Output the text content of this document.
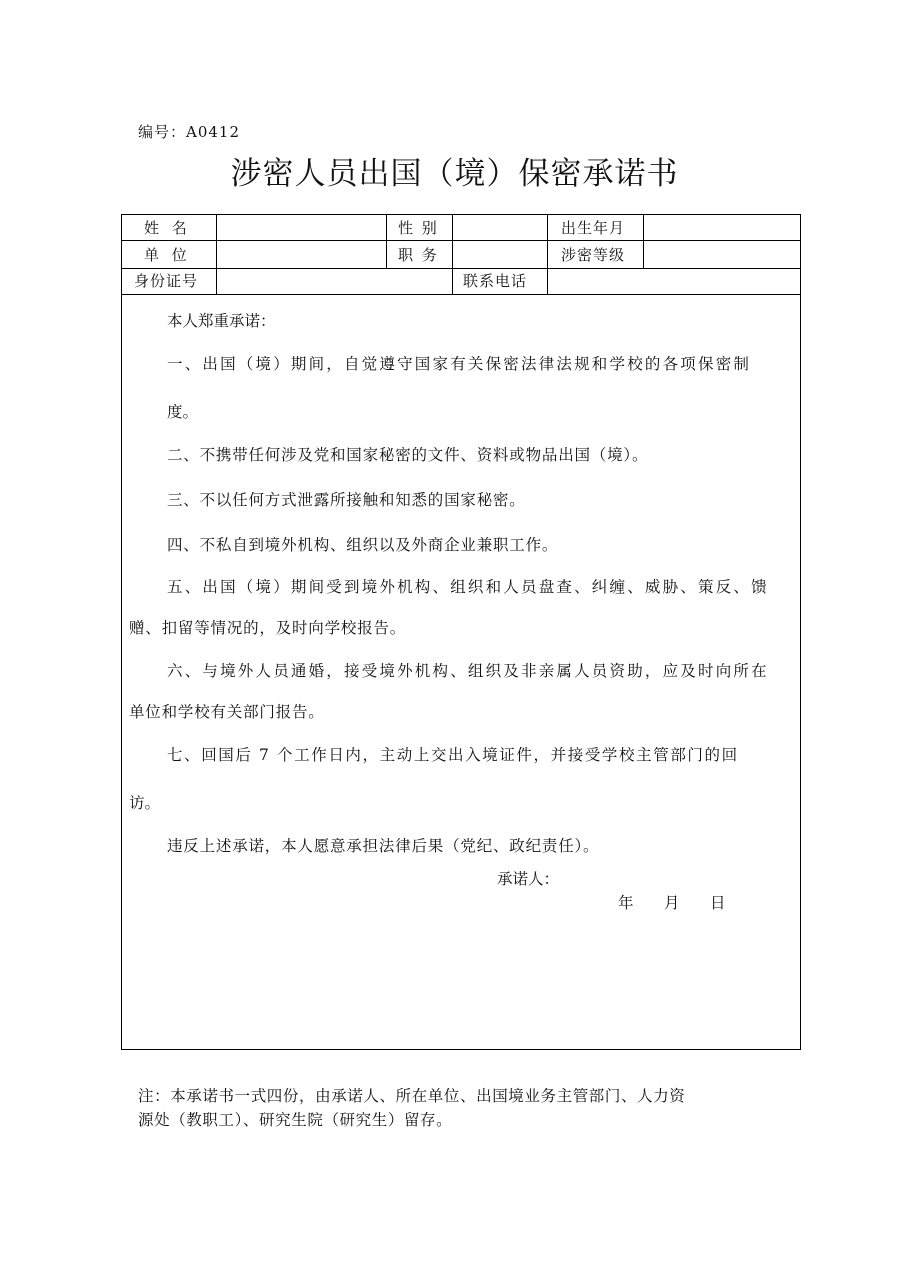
编号：A0412
涉密人员出国（境）保密承诺书
姓 名	性 别	出生年月
单 位	职 务	涉密等级
身份证号	联系电话
本人郑重承诺：
一、出国（境）期间，自觉遵守国家有关保密法律法规和学校的各项保密制
度。
二、不携带任何涉及党和国家秘密的文件、资料或物品出国（境）。
三、不以任何方式泄露所接触和知悉的国家秘密。
四、不私自到境外机构、组织以及外商企业兼职工作。
五、出国（境）期间受到境外机构、组织和人员盘查、纠缠、威胁、策反、馈
赠、扣留等情况的，及时向学校报告。
六、与境外人员通婚，接受境外机构、组织及非亲属人员资助，应及时向所在
单位和学校有关部门报告。
七、回国后 7 个工作日内，主动上交出入境证件，并接受学校主管部门的回
访。
违反上述承诺，本人愿意承担法律后果（党纪、政纪责任）。
承诺人：
年 月 日
注：本承诺书一式四份，由承诺人、所在单位、出国境业务主管部门、人力资
源处（教职工）、研究生院（研究生）留存。
